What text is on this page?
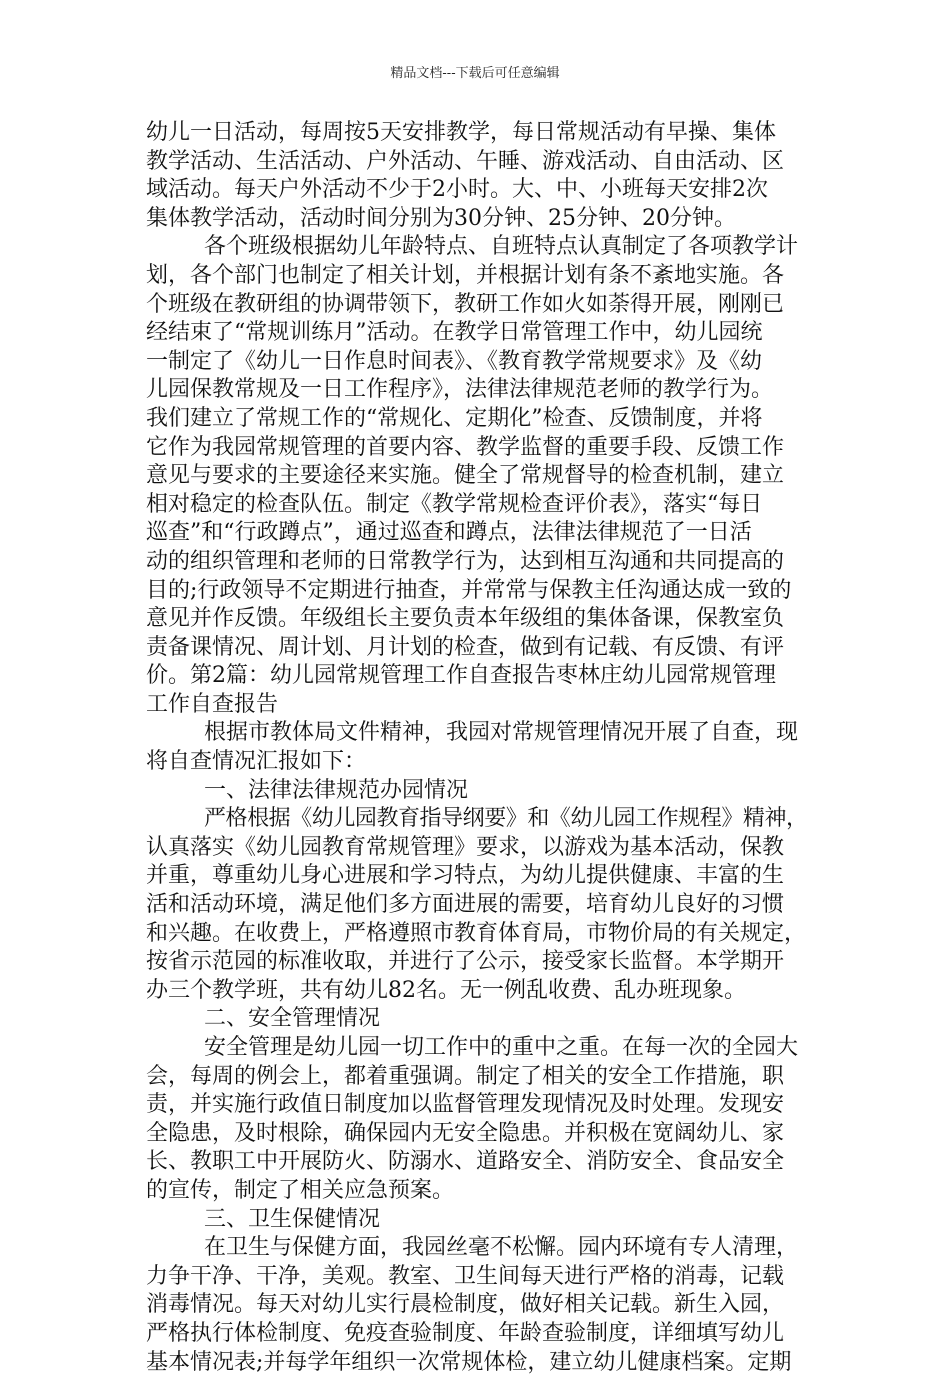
精品文档---下载后可任意编辑
幼儿一日活动，每周按5天安排教学，每日常规活动有早操、集体
教学活动、生活活动、户外活动、午睡、游戏活动、自由活动、区
域活动。每天户外活动不少于2小时。大、中、小班每天安排2次
集体教学活动，活动时间分别为30分钟、25分钟、20分钟。
各个班级根据幼儿年龄特点、自班特点认真制定了各项教学计
划，各个部门也制定了相关计划，并根据计划有条不紊地实施。各
个班级在教研组的协调带领下，教研工作如火如荼得开展，刚刚已
经结束了“常规训练月”活动。在教学日常管理工作中，幼儿园统
一制定了《幼儿一日作息时间表》、《教育教学常规要求》及《幼
儿园保教常规及一日工作程序》，法律法律规范老师的教学行为。
我们建立了常规工作的“常规化、定期化”检查、反馈制度，并将
它作为我园常规管理的首要内容、教学监督的重要手段、反馈工作
意见与要求的主要途径来实施。健全了常规督导的检查机制，建立
相对稳定的检查队伍。制定《教学常规检查评价表》，落实“每日
巡查”和“行政蹲点”，通过巡查和蹲点，法律法律规范了一日活
动的组织管理和老师的日常教学行为，达到相互沟通和共同提高的
目的;行政领导不定期进行抽查，并常常与保教主任沟通达成一致的
意见并作反馈。年级组长主要负责本年级组的集体备课，保教室负
责备课情况、周计划、月计划的检查，做到有记载、有反馈、有评
价。第2篇：幼儿园常规管理工作自查报告枣林庄幼儿园常规管理
工作自查报告
根据市教体局文件精神，我园对常规管理情况开展了自查，现
将自查情况汇报如下：
一、法律法律规范办园情况
严格根据《幼儿园教育指导纲要》和《幼儿园工作规程》精神，
认真落实《幼儿园教育常规管理》要求，以游戏为基本活动，保教
并重，尊重幼儿身心进展和学习特点，为幼儿提供健康、丰富的生
活和活动环境，满足他们多方面进展的需要，培育幼儿良好的习惯
和兴趣。在收费上，严格遵照市教育体育局，市物价局的有关规定，
按省示范园的标准收取，并进行了公示，接受家长监督。本学期开
办三个教学班，共有幼儿82名。无一例乱收费、乱办班现象。
二、安全管理情况
安全管理是幼儿园一切工作中的重中之重。在每一次的全园大
会，每周的例会上，都着重强调。制定了相关的安全工作措施，职
责，并实施行政值日制度加以监督管理发现情况及时处理。发现安
全隐患，及时根除，确保园内无安全隐患。并积极在宽阔幼儿、家
长、教职工中开展防火、防溺水、道路安全、消防安全、食品安全
的宣传，制定了相关应急预案。
三、卫生保健情况
在卫生与保健方面，我园丝毫不松懈。园内环境有专人清理，
力争干净、干净，美观。教室、卫生间每天进行严格的消毒，记载
消毒情况。每天对幼儿实行晨检制度，做好相关记载。新生入园，
严格执行体检制度、免疫查验制度、年龄查验制度，详细填写幼儿
基本情况表;并每学年组织一次常规体检，建立幼儿健康档案。定期
